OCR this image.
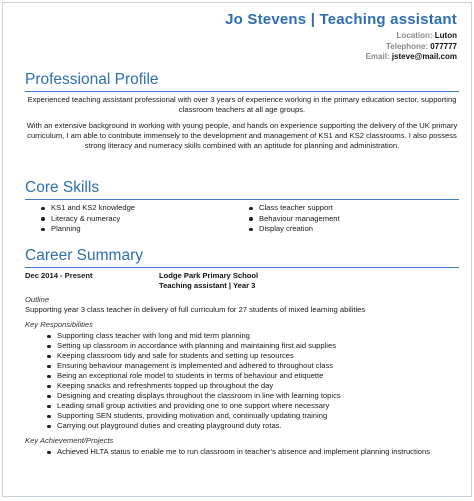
Jo Stevens | Teaching assistant
Location: Luton
Telephone: 077777
Email: jsteve@mail.com
Professional Profile

Experienced teaching assistant professional with over 3 years of experience working in the primary education sector, supporting classroom teachers at all age groups.

With an extensive background in working with young people, and hands on experience supporting the delivery of the UK primary curriculum, I am able to contribute immensely to the development and management of KS1 and KS2 classrooms. I also possess strong literacy and numeracy skills combined with an aptitude for planning and administration.

Core Skills
KS1 and KS2 knowledge
Literacy & numeracy
Planning
Class teacher support
Behaviour management
Display creation
Career Summary
Dec 2014 - Present	Lodge Park Primary School
Teaching assistant | Year 3
Outline
Supporting year 3 class teacher in delivery of full curriculum for 27 students of mixed learning abilities
Key Responsibilities
Supporting class teacher with long and mid term planning
Setting up classroom in accordance with planning and maintaining first aid supplies
Keeping classroom tidy and safe for students and setting up resources
Ensuring behaviour management is implemented and adhered to throughout class
Being an exceptional role model to students in terms of behaviour and etiquette
Keeping snacks and refreshments topped up throughout the day
Designing and creating displays throughout the classroom in line with learning topics
Leading small group activities and providing one to one support where necessary
Supporting SEN students, providing motivation and, continually updating training
Carrying out playground duties and creating playground duty rotas.
Key Achievement/Projects
Achieved HLTA status to enable me to run classroom in teacher’s absence and implement planning instructions
